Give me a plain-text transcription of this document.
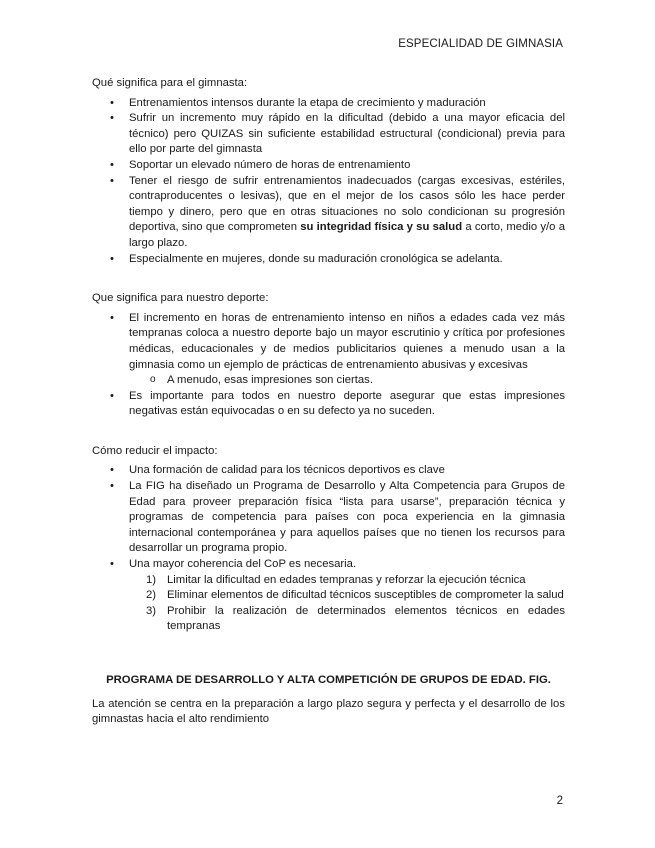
ESPECIALIDAD DE GIMNASIA

Qué significa para el gimnasta:

• Entrenamientos intensos durante la etapa de crecimiento y maduración
• Sufrir un incremento muy rápido en la dificultad (debido a una mayor eficacia del técnico) pero QUIZAS sin suficiente estabilidad estructural (condicional) previa para ello por parte del gimnasta
• Soportar un elevado número de horas de entrenamiento
• Tener el riesgo de sufrir entrenamientos inadecuados (cargas excesivas, estériles, contraproducentes o lesivas), que en el mejor de los casos sólo les hace perder tiempo y dinero, pero que en otras situaciones no solo condicionan su progresión deportiva, sino que comprometen su integridad física y su salud a corto, medio y/o a largo plazo.
• Especialmente en mujeres, donde su maduración cronológica se adelanta.

Que significa para nuestro deporte:

• El incremento en horas de entrenamiento intenso en niños a edades cada vez más tempranas coloca a nuestro deporte bajo un mayor escrutinio y crítica por profesiones médicas, educacionales y de medios publicitarios quienes a menudo usan a la gimnasia como un ejemplo de prácticas de entrenamiento abusivas y excesivas
o A menudo, esas impresiones son ciertas.
• Es importante para todos en nuestro deporte asegurar que estas impresiones negativas están equivocadas o en su defecto ya no suceden.

Cómo reducir el impacto:

• Una formación de calidad para los técnicos deportivos es clave
• La FIG ha diseñado un Programa de Desarrollo y Alta Competencia para Grupos de Edad para proveer preparación física “lista para usarse”, preparación técnica y programas de competencia para países con poca experiencia en la gimnasia internacional contemporánea y para aquellos países que no tienen los recursos para desarrollar un programa propio.
• Una mayor coherencia del CoP es necesaria.
1) Limitar la dificultad en edades tempranas y reforzar la ejecución técnica
2) Eliminar elementos de dificultad técnicos susceptibles de comprometer la salud
3) Prohibir la realización de determinados elementos técnicos en edades tempranas

PROGRAMA DE DESARROLLO Y ALTA COMPETICIÓN DE GRUPOS DE EDAD. FIG.

La atención se centra en la preparación a largo plazo segura y perfecta y el desarrollo de los gimnastas hacia el alto rendimiento

2
